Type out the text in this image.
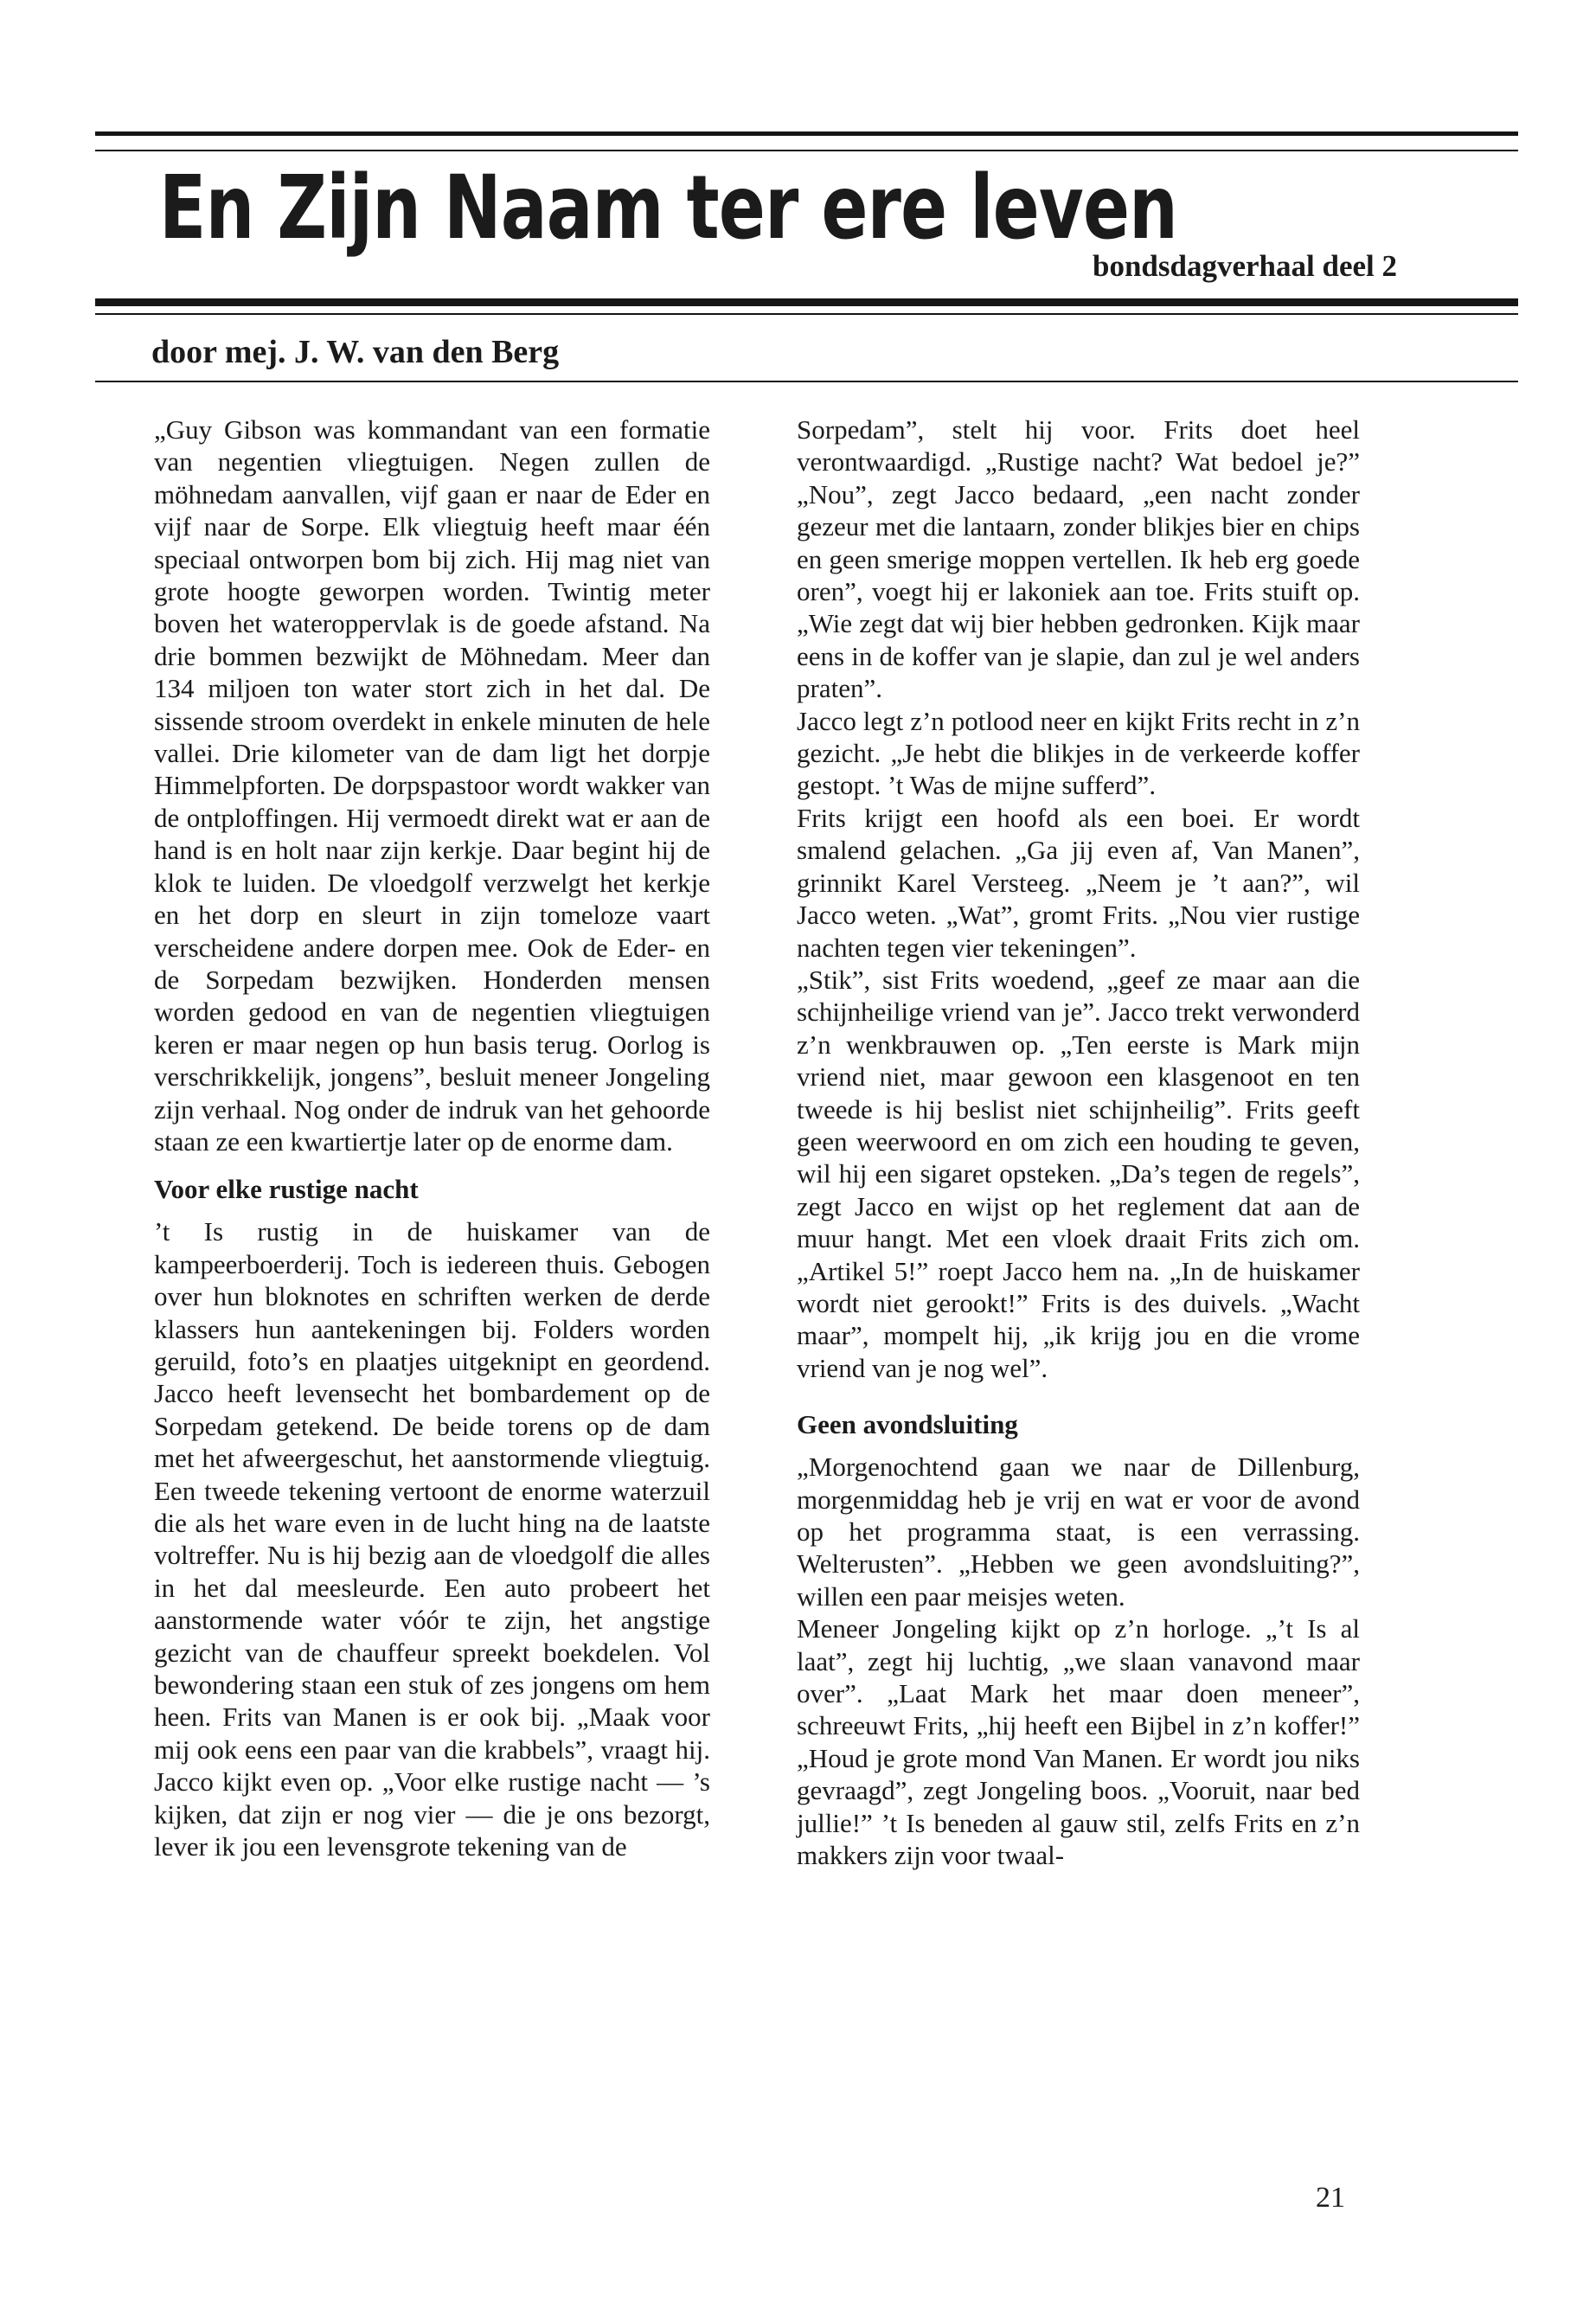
En Zijn Naam ter ere leven
bondsdagverhaal deel 2
door mej. J. W. van den Berg

„Guy Gibson was kommandant van een formatie van negentien vliegtuigen. Negen zullen de möhnedam aanvallen, vijf gaan er naar de Eder en vijf naar de Sorpe. Elk vliegtuig heeft maar één speciaal ontworpen bom bij zich. Hij mag niet van grote hoogte geworpen worden. Twintig meter boven het wateroppervlak is de goede afstand. Na drie bommen bezwijkt de Möhnedam. Meer dan 134 miljoen ton water stort zich in het dal. De sissende stroom overdekt in enkele minuten de hele vallei. Drie kilometer van de dam ligt het dorpje Himmelpforten. De dorpspastoor wordt wakker van de ontploffingen. Hij vermoedt direkt wat er aan de hand is en holt naar zijn kerkje. Daar begint hij de klok te luiden. De vloedgolf verzwelgt het kerkje en het dorp en sleurt in zijn tomeloze vaart verscheidene andere dorpen mee. Ook de Eder- en de Sorpedam bezwijken. Honderden mensen worden gedood en van de negentien vliegtuigen keren er maar negen op hun basis terug. Oorlog is verschrikkelijk, jongens”, besluit meneer Jongeling zijn verhaal. Nog onder de indruk van het gehoorde staan ze een kwartiertje later op de enorme dam.

Voor elke rustige nacht

’t Is rustig in de huiskamer van de kampeerboerderij. Toch is iedereen thuis. Gebogen over hun bloknotes en schriften werken de derde klassers hun aantekeningen bij. Folders worden geruild, foto’s en plaatjes uitgeknipt en geordend. Jacco heeft levensecht het bombardement op de Sorpedam getekend. De beide torens op de dam met het afweergeschut, het aanstormende vliegtuig. Een tweede tekening vertoont de enorme waterzuil die als het ware even in de lucht hing na de laatste voltreffer. Nu is hij bezig aan de vloedgolf die alles in het dal meesleurde. Een auto probeert het aanstormende water vóór te zijn, het angstige gezicht van de chauffeur spreekt boekdelen. Vol bewondering staan een stuk of zes jongens om hem heen. Frits van Manen is er ook bij. „Maak voor mij ook eens een paar van die krabbels”, vraagt hij. Jacco kijkt even op. „Voor elke rustige nacht — ’s kijken, dat zijn er nog vier — die je ons bezorgt, lever ik jou een levensgrote tekening van de

Sorpedam”, stelt hij voor. Frits doet heel verontwaardigd. „Rustige nacht? Wat bedoel je?” „Nou”, zegt Jacco bedaard, „een nacht zonder gezeur met die lantaarn, zonder blikjes bier en chips en geen smerige moppen vertellen. Ik heb erg goede oren”, voegt hij er lakoniek aan toe. Frits stuift op. „Wie zegt dat wij bier hebben gedronken. Kijk maar eens in de koffer van je slapie, dan zul je wel anders praten”.

Jacco legt z’n potlood neer en kijkt Frits recht in z’n gezicht. „Je hebt die blikjes in de verkeerde koffer gestopt. ’t Was de mijne sufferd”.

Frits krijgt een hoofd als een boei. Er wordt smalend gelachen. „Ga jij even af, Van Manen”, grinnikt Karel Versteeg. „Neem je ’t aan?”, wil Jacco weten. „Wat”, gromt Frits. „Nou vier rustige nachten tegen vier tekeningen”.

„Stik”, sist Frits woedend, „geef ze maar aan die schijnheilige vriend van je”. Jacco trekt verwonderd z’n wenkbrauwen op. „Ten eerste is Mark mijn vriend niet, maar gewoon een klasgenoot en ten tweede is hij beslist niet schijnheilig”. Frits geeft geen weerwoord en om zich een houding te geven, wil hij een sigaret opsteken. „Da’s tegen de regels”, zegt Jacco en wijst op het reglement dat aan de muur hangt. Met een vloek draait Frits zich om. „Artikel 5!” roept Jacco hem na. „In de huiskamer wordt niet gerookt!” Frits is des duivels. „Wacht maar”, mompelt hij, „ik krijg jou en die vrome vriend van je nog wel”.

Geen avondsluiting

„Morgenochtend gaan we naar de Dillenburg, morgenmiddag heb je vrij en wat er voor de avond op het programma staat, is een verrassing. Welterusten”. „Hebben we geen avondsluiting?”, willen een paar meisjes weten.

Meneer Jongeling kijkt op z’n horloge. „’t Is al laat”, zegt hij luchtig, „we slaan vanavond maar over”. „Laat Mark het maar doen meneer”, schreeuwt Frits, „hij heeft een Bijbel in z’n koffer!” „Houd je grote mond Van Manen. Er wordt jou niks gevraagd”, zegt Jongeling boos. „Vooruit, naar bed jullie!” ’t Is beneden al gauw stil, zelfs Frits en z’n makkers zijn voor twaal-

21
